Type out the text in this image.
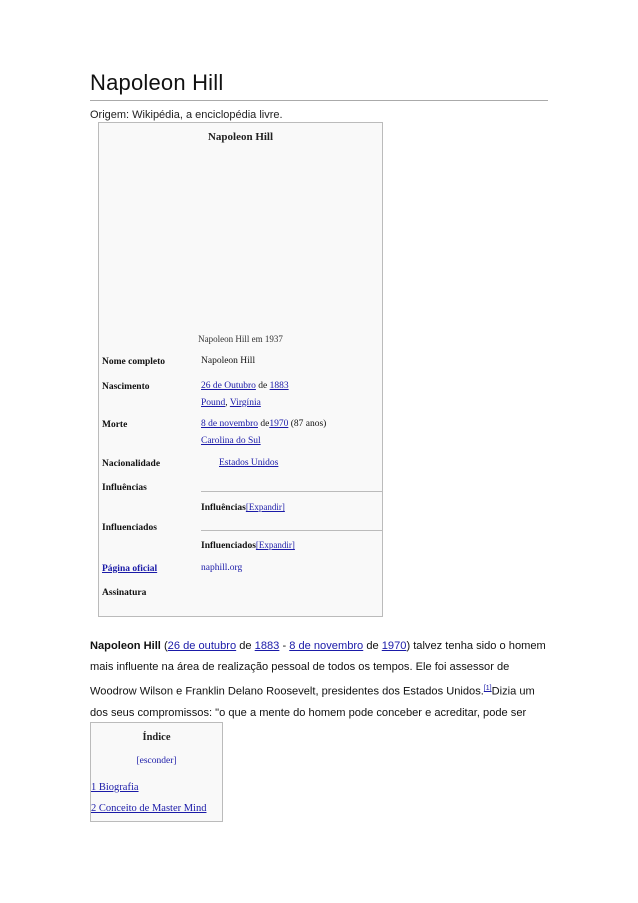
Napoleon Hill
Origem: Wikipédia, a enciclopédia livre.
Napoleon Hill
Napoleon Hill em 1937
Nome completo	Napoleon Hill
Nascimento	26 de Outubro de 1883
Pound, Virgínia
Morte	8 de novembro de1970 (87 anos)
Carolina do Sul
Nacionalidade	Estados Unidos
Influências
Influências[Expandir]
Influenciados
Influenciados[Expandir]
Página oficial	naphill.org
Assinatura

Napoleon Hill (26 de outubro de 1883 - 8 de novembro de 1970) talvez tenha sido o homem mais influente na área de realização pessoal de todos os tempos. Ele foi assessor de Woodrow Wilson e Franklin Delano Roosevelt, presidentes dos Estados Unidos.[1]Dizia um dos seus compromissos: "o que a mente do homem pode conceber e acreditar, pode ser

Índice
[esconder]
1 Biografia
2 Conceito de Master Mind
